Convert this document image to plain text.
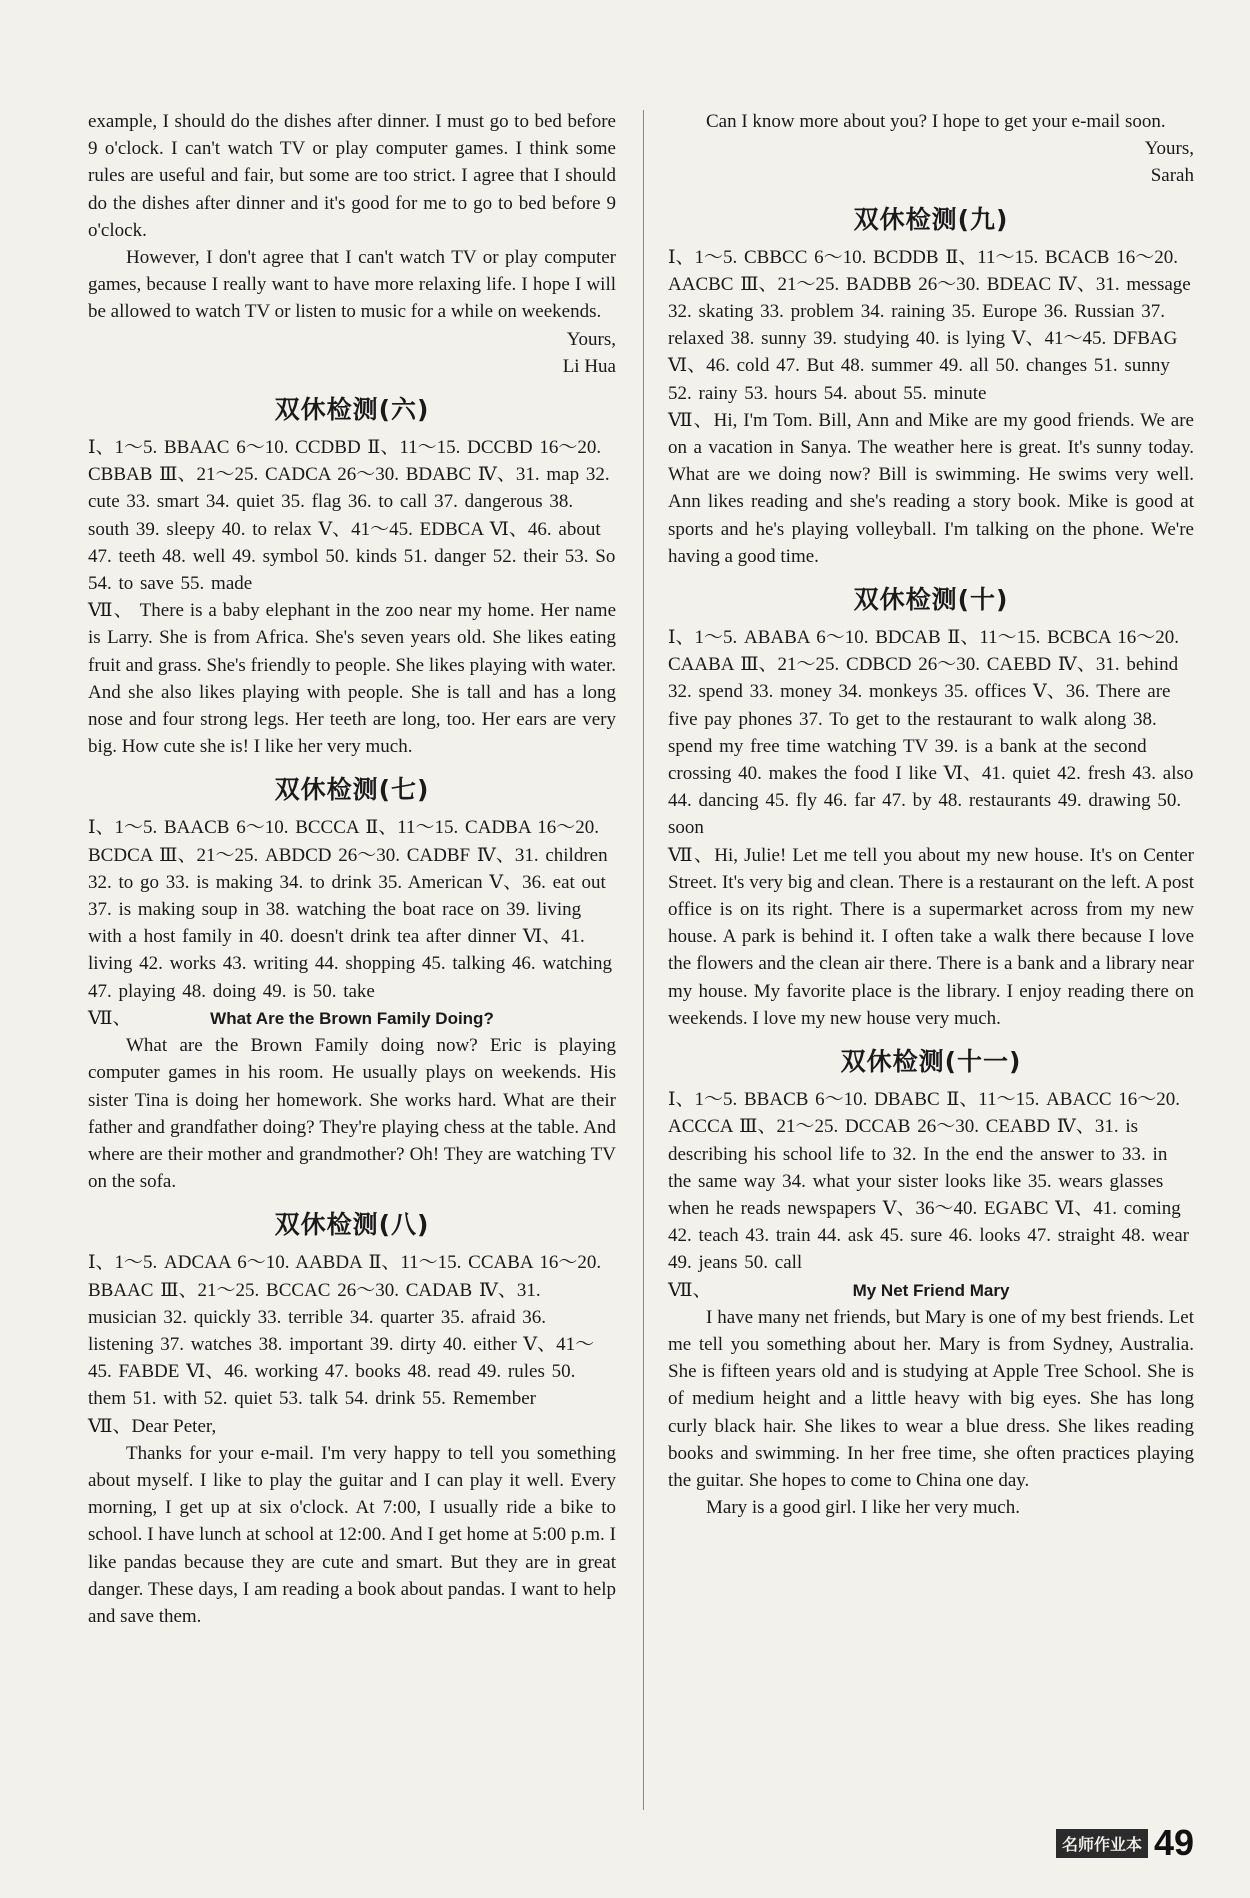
example, I should do the dishes after dinner. I must go to bed before 9 o'clock. I can't watch TV or play computer games. I think some rules are useful and fair, but some are too strict. I agree that I should do the dishes after dinner and it's good for me to go to bed before 9 o'clock.

However, I don't agree that I can't watch TV or play computer games, because I really want to have more relaxing life. I hope I will be allowed to watch TV or listen to music for a while on weekends.

Yours,

Li Hua

双休检测(六)

Ⅰ、1～5. BBAAC 6～10. CCDBD Ⅱ、11～15. DCCBD 16～20. CBBAB Ⅲ、21～25. CADCA 26～30. BDABC Ⅳ、31. map 32. cute 33. smart 34. quiet 35. flag 36. to call 37. dangerous 38. south 39. sleepy 40. to relax Ⅴ、41～45. EDBCA Ⅵ、46. about 47. teeth 48. well 49. symbol 50. kinds 51. danger 52. their 53. So 54. to save 55. made

Ⅶ、 There is a baby elephant in the zoo near my home. Her name is Larry. She is from Africa. She's seven years old. She likes eating fruit and grass. She's friendly to people. She likes playing with water. And she also likes playing with people. She is tall and has a long nose and four strong legs. Her teeth are long, too. Her ears are very big. How cute she is! I like her very much.

双休检测(七)

Ⅰ、1～5. BAACB 6～10. BCCCA Ⅱ、11～15. CADBA 16～20. BCDCA Ⅲ、21～25. ABDCD 26～30. CADBF Ⅳ、31. children 32. to go 33. is making 34. to drink 35. American Ⅴ、36. eat out 37. is making soup in 38. watching the boat race on 39. living with a host family in 40. doesn't drink tea after dinner Ⅵ、41. living 42. works 43. writing 44. shopping 45. talking 46. watching 47. playing 48. doing 49. is 50. take

Ⅶ、	What Are the Brown Family Doing?

What are the Brown Family doing now? Eric is playing computer games in his room. He usually plays on weekends. His sister Tina is doing her homework. She works hard. What are their father and grandfather doing? They're playing chess at the table. And where are their mother and grandmother? Oh! They are watching TV on the sofa.

双休检测(八)

Ⅰ、1～5. ADCAA 6～10. AABDA Ⅱ、11～15. CCABA 16～20. BBAAC Ⅲ、21～25. BCCAC 26～30. CADAB Ⅳ、31. musician 32. quickly 33. terrible 34. quarter 35. afraid 36. listening 37. watches 38. important 39. dirty 40. either Ⅴ、41～45. FABDE Ⅵ、46. working 47. books 48. read 49. rules 50. them 51. with 52. quiet 53. talk 54. drink 55. Remember

Ⅶ、Dear Peter,

Thanks for your e-mail. I'm very happy to tell you something about myself. I like to play the guitar and I can play it well. Every morning, I get up at six o'clock. At 7:00, I usually ride a bike to school. I have lunch at school at 12:00. And I get home at 5:00 p.m. I like pandas because they are cute and smart. But they are in great danger. These days, I am reading a book about pandas. I want to help and save them.

Can I know more about you? I hope to get your e-mail soon.

Yours,

Sarah

双休检测(九)

Ⅰ、1～5. CBBCC 6～10. BCDDB Ⅱ、11～15. BCACB 16～20. AACBC Ⅲ、21～25. BADBB 26～30. BDEAC Ⅳ、31. message 32. skating 33. problem 34. raining 35. Europe 36. Russian 37. relaxed 38. sunny 39. studying 40. is lying Ⅴ、41～45. DFBAG Ⅵ、46. cold 47. But 48. summer 49. all 50. changes 51. sunny 52. rainy 53. hours 54. about 55. minute

Ⅶ、Hi, I'm Tom. Bill, Ann and Mike are my good friends. We are on a vacation in Sanya. The weather here is great. It's sunny today. What are we doing now? Bill is swimming. He swims very well. Ann likes reading and she's reading a story book. Mike is good at sports and he's playing volleyball. I'm talking on the phone. We're having a good time.

双休检测(十)

Ⅰ、1～5. ABABA 6～10. BDCAB Ⅱ、11～15. BCBCA 16～20. CAABA Ⅲ、21～25. CDBCD 26～30. CAEBD Ⅳ、31. behind 32. spend 33. money 34. monkeys 35. offices Ⅴ、36. There are five pay phones 37. To get to the restaurant to walk along 38. spend my free time watching TV 39. is a bank at the second crossing 40. makes the food I like Ⅵ、41. quiet 42. fresh 43. also 44. dancing 45. fly 46. far 47. by 48. restaurants 49. drawing 50. soon

Ⅶ、Hi, Julie! Let me tell you about my new house. It's on Center Street. It's very big and clean. There is a restaurant on the left. A post office is on its right. There is a supermarket across from my new house. A park is behind it. I often take a walk there because I love the flowers and the clean air there. There is a bank and a library near my house. My favorite place is the library. I enjoy reading there on weekends. I love my new house very much.

双休检测(十一)

Ⅰ、1～5. BBACB 6～10. DBABC Ⅱ、11～15. ABACC 16～20. ACCCA Ⅲ、21～25. DCCAB 26～30. CEABD Ⅳ、31. is describing his school life to 32. In the end the answer to 33. in the same way 34. what your sister looks like 35. wears glasses when he reads newspapers Ⅴ、36～40. EGABC Ⅵ、41. coming 42. teach 43. train 44. ask 45. sure 46. looks 47. straight 48. wear 49. jeans 50. call

Ⅶ、	My Net Friend Mary

I have many net friends, but Mary is one of my best friends. Let me tell you something about her. Mary is from Sydney, Australia. She is fifteen years old and is studying at Apple Tree School. She is of medium height and a little heavy with big eyes. She has long curly black hair. She likes to wear a blue dress. She likes reading books and swimming. In her free time, she often practices playing the guitar. She hopes to come to China one day.

Mary is a good girl. I like her very much.

名师作业本 49
